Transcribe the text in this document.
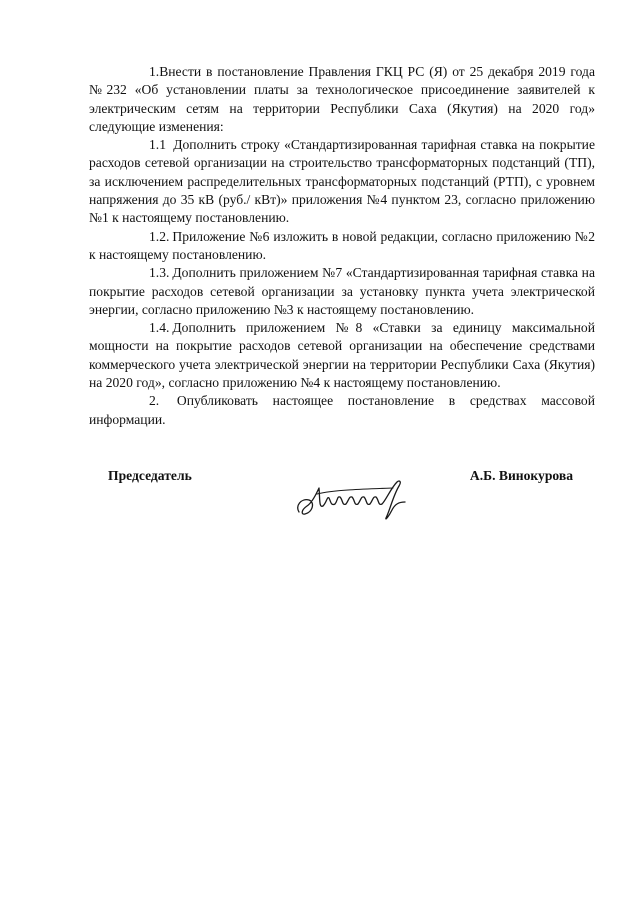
1.Внести в постановление Правления ГКЦ РС (Я) от 25 декабря 2019 года №232 «Об установлении платы за технологическое присоединение заявителей к электрическим сетям на территории Республики Саха (Якутия) на 2020 год» следующие изменения:

1.1 Дополнить строку «Стандартизированная тарифная ставка на покрытие расходов сетевой организации на строительство трансформаторных подстанций (ТП), за исключением распределительных трансформаторных подстанций (РТП), с уровнем напряжения до 35 кВ (руб./ кВт)» приложения №4 пунктом 23, согласно приложению №1 к настоящему постановлению.

1.2. Приложение №6 изложить в новой редакции, согласно приложению №2 к настоящему постановлению.

1.3. Дополнить приложением №7 «Стандартизированная тарифная ставка на покрытие расходов сетевой организации за установку пункта учета электрической энергии, согласно приложению №3 к настоящему постановлению.

1.4. Дополнить приложением №8 «Ставки за единицу максимальной мощности на покрытие расходов сетевой организации на обеспечение средствами коммерческого учета электрической энергии на территории Республики Саха (Якутия) на 2020 год», согласно приложению №4 к настоящему постановлению.

2. Опубликовать настоящее постановление в средствах массовой информации.

Председатель	А.Б. Винокурова
